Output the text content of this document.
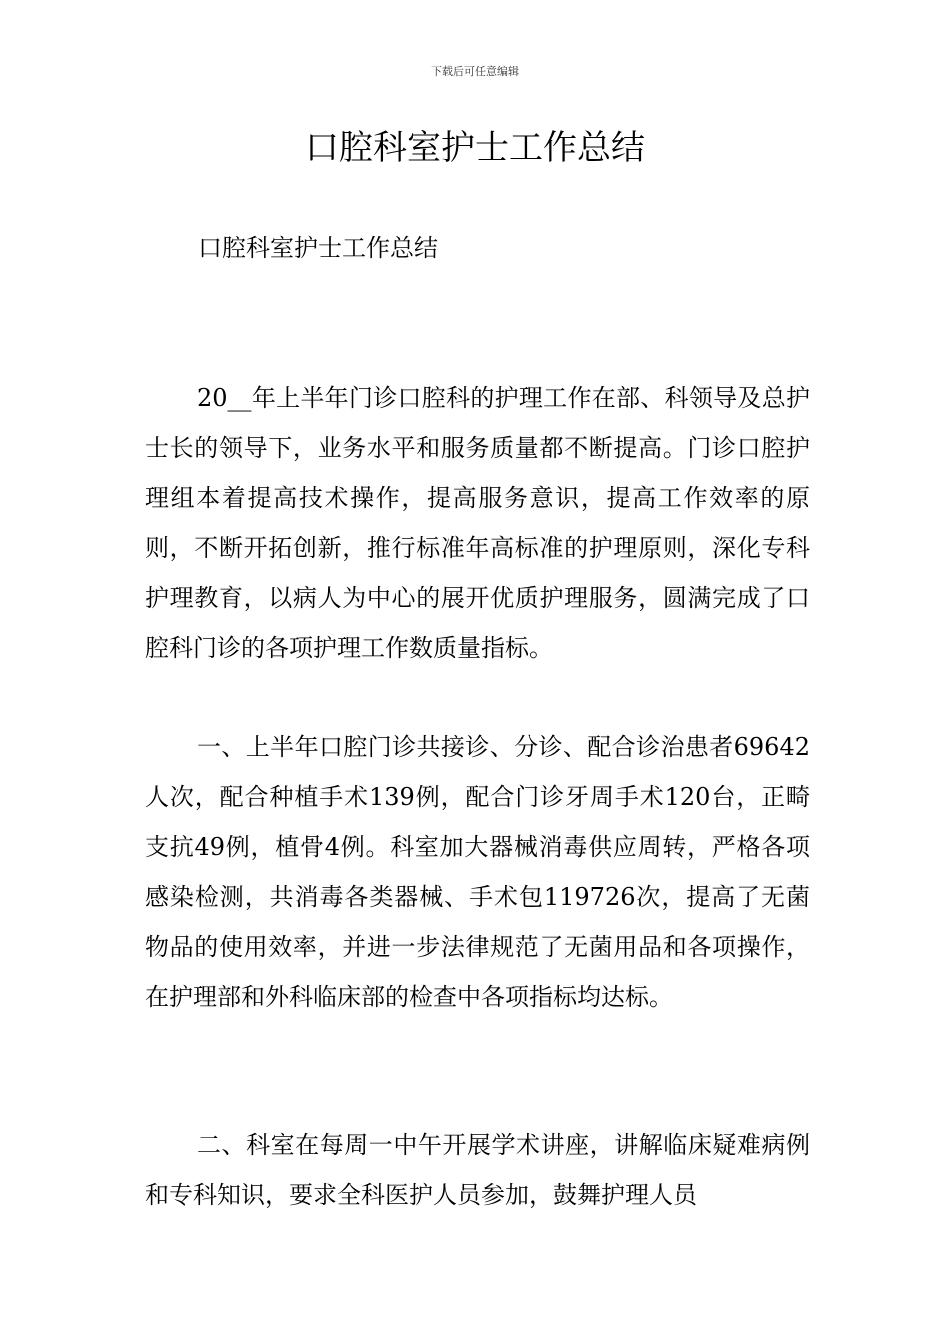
下载后可任意编辑
口腔科室护士工作总结
口腔科室护士工作总结

20__年上半年门诊口腔科的护理工作在部、科领导及总护士长的领导下，业务水平和服务质量都不断提高。门诊口腔护理组本着提高技术操作，提高服务意识，提高工作效率的原则，不断开拓创新，推行标准年高标准的护理原则，深化专科护理教育，以病人为中心的展开优质护理服务，圆满完成了口腔科门诊的各项护理工作数质量指标。

一、上半年口腔门诊共接诊、分诊、配合诊治患者69642人次，配合种植手术139例，配合门诊牙周手术120台，正畸支抗49例，植骨4例。科室加大器械消毒供应周转，严格各项感染检测，共消毒各类器械、手术包119726次，提高了无菌物品的使用效率，并进一步法律规范了无菌用品和各项操作，在护理部和外科临床部的检查中各项指标均达标。

二、科室在每周一中午开展学术讲座，讲解临床疑难病例和专科知识，要求全科医护人员参加，鼓舞护理人员
